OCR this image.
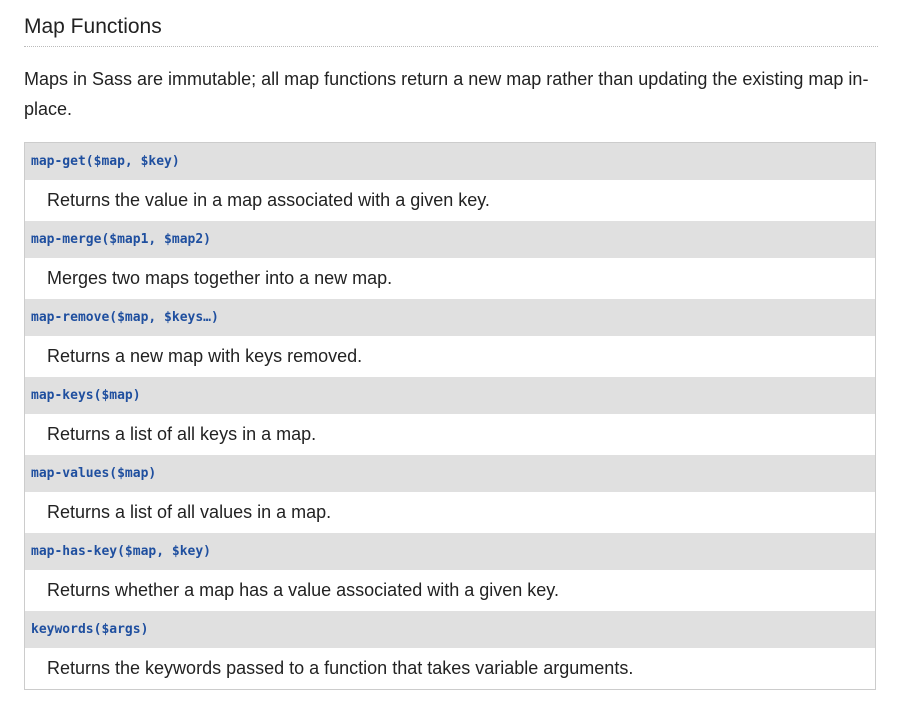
Map Functions

Maps in Sass are immutable; all map functions return a new map rather than updating the existing map in-place.

map-get($map, $key)
Returns the value in a map associated with a given key.
map-merge($map1, $map2)
Merges two maps together into a new map.
map-remove($map, $keys…)
Returns a new map with keys removed.
map-keys($map)
Returns a list of all keys in a map.
map-values($map)
Returns a list of all values in a map.
map-has-key($map, $key)
Returns whether a map has a value associated with a given key.
keywords($args)
Returns the keywords passed to a function that takes variable arguments.
